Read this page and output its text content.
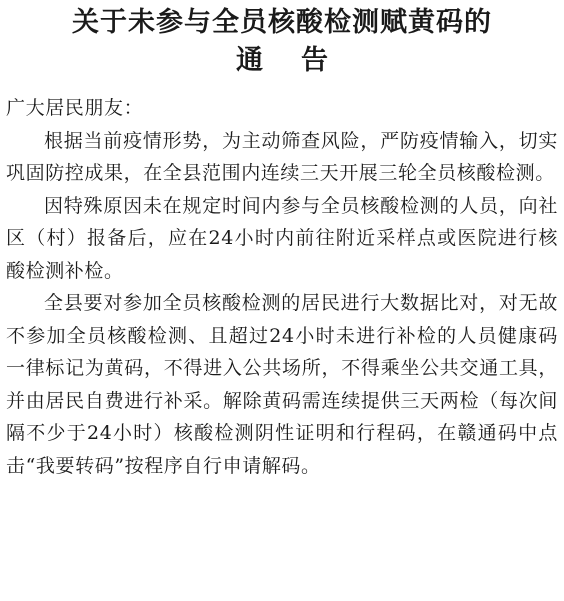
关于未参与全员核酸检测赋黄码的
通告

广大居民朋友：

根据当前疫情形势，为主动筛查风险，严防疫情输入，切实巩固防控成果，在全县范围内连续三天开展三轮全员核酸检测。

因特殊原因未在规定时间内参与全员核酸检测的人员，向社区（村）报备后，应在24小时内前往附近采样点或医院进行核酸检测补检。

全县要对参加全员核酸检测的居民进行大数据比对，对无故不参加全员核酸检测、且超过24小时未进行补检的人员健康码一律标记为黄码，不得进入公共场所，不得乘坐公共交通工具，并由居民自费进行补采。解除黄码需连续提供三天两检（每次间隔不少于24小时）核酸检测阴性证明和行程码，在赣通码中点击“我要转码”按程序自行申请解码。
